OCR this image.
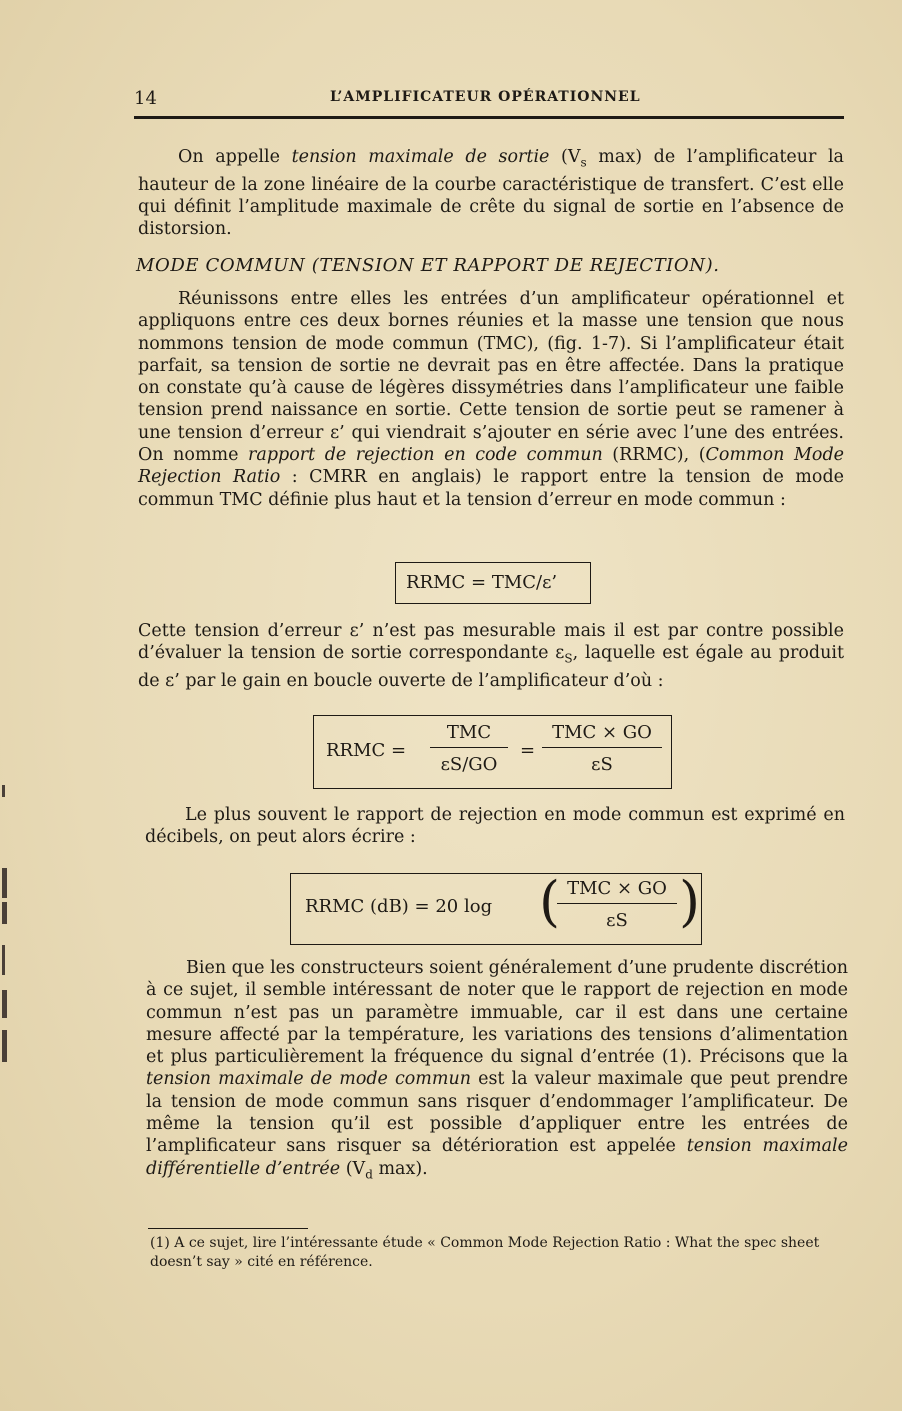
14	L’AMPLIFICATEUR OPÉRATIONNEL

On appelle tension maximale de sortie ($V_s$ max) de l’amplificateur la hauteur de la zone linéaire de la courbe caractéristique de transfert. C’est elle qui définit l’amplitude maximale de crête du signal de sortie en l’absence de distorsion.

MODE COMMUN (TENSION ET RAPPORT DE REJECTION).

Réunissons entre elles les entrées d’un amplificateur opérationnel et appliquons entre ces deux bornes réunies et la masse une tension que nous nommons tension de mode commun (TMC), (fig. 1-7). Si l’amplificateur était parfait, sa tension de sortie ne devrait pas en être affectée. Dans la pratique on constate qu’à cause de légères dissymétries dans l’amplificateur une faible tension prend naissance en sortie. Cette tension de sortie peut se ramener à une tension d’erreur ε’ qui viendrait s’ajouter en série avec l’une des entrées. On nomme rapport de rejection en code commun (RRMC), (Common Mode Rejection Ratio : CMRR en anglais) le rapport entre la tension de mode commun TMC définie plus haut et la tension d’erreur en mode commun :

RRMC = TMC/ε’

Cette tension d’erreur ε’ n’est pas mesurable mais il est par contre possible d’évaluer la tension de sortie correspondante $\varepsilon_S$, laquelle est égale au produit de ε’ par le gain en boucle ouverte de l’amplificateur d’où :

RRMC =
TMC
εS/GO
=
TMC × GO
εS

Le plus souvent le rapport de rejection en mode commun est exprimé en décibels, on peut alors écrire :

RRMC (dB) = 20 log ( TMC × GO
εS )

Bien que les constructeurs soient généralement d’une prudente discrétion à ce sujet, il semble intéressant de noter que le rapport de rejection en mode commun n’est pas un paramètre immuable, car il est dans une certaine mesure affecté par la température, les variations des tensions d’alimentation et plus particulièrement la fréquence du signal d’entrée (1). Précisons que la tension maximale de mode commun est la valeur maximale que peut prendre la tension de mode commun sans risquer d’endommager l’amplificateur. De même la tension qu’il est possible d’appliquer entre les entrées de l’amplificateur sans risquer sa détérioration est appelée tension maximale différentielle d’entrée ($V_d$ max).

(1) A ce sujet, lire l’intéressante étude « Common Mode Rejection Ratio : What the spec sheet doesn’t say » cité en référence.
